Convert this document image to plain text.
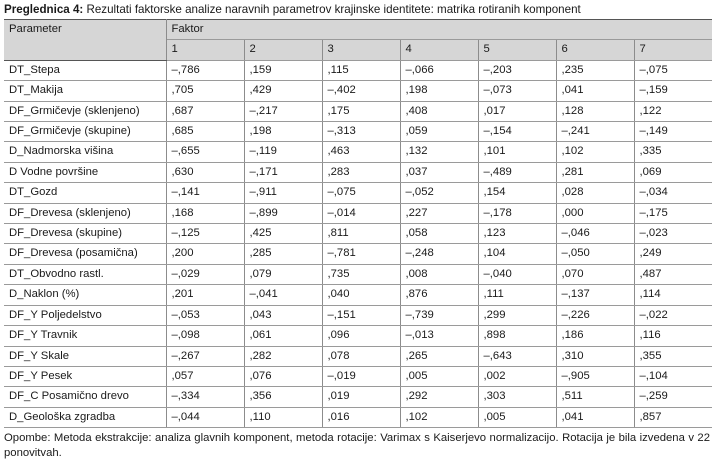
Preglednica 4: Rezultati faktorske analize naravnih parametrov krajinske identitete: matrika rotiranih komponent
Parameter	Faktor						
	1	2	3	4	5	6	7
DT_Stepa	–,786	,159	,115	–,066	–,203	,235	–,075
DT_Makija	,705	,429	–,402	,198	–,073	,041	–,159
DF_Grmičevje (sklenjeno)	,687	–,217	,175	,408	,017	,128	,122
DF_Grmičevje (skupine)	,685	,198	–,313	,059	–,154	–,241	–,149
D_Nadmorska višina	–,655	–,119	,463	,132	,101	,102	,335
D Vodne površine	,630	–,171	,283	,037	–,489	,281	,069
DT_Gozd	–,141	–,911	–,075	–,052	,154	,028	–,034
DF_Drevesa (sklenjeno)	,168	–,899	–,014	,227	–,178	,000	–,175
DF_Drevesa (skupine)	–,125	,425	,811	,058	,123	–,046	–,023
DF_Drevesa (posamična)	,200	,285	–,781	–,248	,104	–,050	,249
DT_Obvodno rastl.	–,029	,079	,735	,008	–,040	,070	,487
D_Naklon (%)	,201	–,041	,040	,876	,111	–,137	,114
DF_Y Poljedelstvo	–,053	,043	–,151	–,739	,299	–,226	–,022
DF_Y Travnik	–,098	,061	,096	–,013	,898	,186	,116
DF_Y Skale	–,267	,282	,078	,265	–,643	,310	,355
DF_Y Pesek	,057	,076	–,019	,005	,002	–,905	–,104
DF_C Posamično drevo	–,334	,356	,019	,292	,303	,511	–,259
D_Geološka zgradba	–,044	,110	,016	,102	,005	,041	,857
Opombe: Metoda ekstrakcije: analiza glavnih komponent, metoda rotacije: Varimax s Kaiserjevo normalizacijo. Rotacija je bila izvedena v 22 ponovitvah.
